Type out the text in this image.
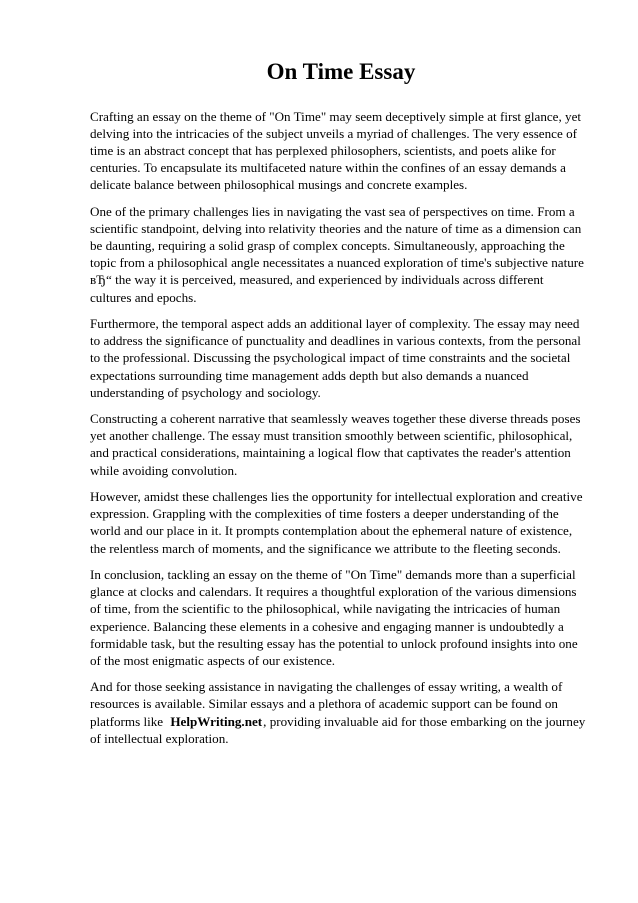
On Time Essay

Crafting an essay on the theme of "On Time" may seem deceptively simple at first glance, yet delving into the intricacies of the subject unveils a myriad of challenges. The very essence of time is an abstract concept that has perplexed philosophers, scientists, and poets alike for centuries. To encapsulate its multifaceted nature within the confines of an essay demands a delicate balance between philosophical musings and concrete examples.

One of the primary challenges lies in navigating the vast sea of perspectives on time. From a scientific standpoint, delving into relativity theories and the nature of time as a dimension can be daunting, requiring a solid grasp of complex concepts. Simultaneously, approaching the topic from a philosophical angle necessitates a nuanced exploration of time's subjective nature вЂ“ the way it is perceived, measured, and experienced by individuals across different cultures and epochs.

Furthermore, the temporal aspect adds an additional layer of complexity. The essay may need to address the significance of punctuality and deadlines in various contexts, from the personal to the professional. Discussing the psychological impact of time constraints and the societal expectations surrounding time management adds depth but also demands a nuanced understanding of psychology and sociology.

Constructing a coherent narrative that seamlessly weaves together these diverse threads poses yet another challenge. The essay must transition smoothly between scientific, philosophical, and practical considerations, maintaining a logical flow that captivates the reader's attention while avoiding convolution.

However, amidst these challenges lies the opportunity for intellectual exploration and creative expression. Grappling with the complexities of time fosters a deeper understanding of the world and our place in it. It prompts contemplation about the ephemeral nature of existence, the relentless march of moments, and the significance we attribute to the fleeting seconds.

In conclusion, tackling an essay on the theme of "On Time" demands more than a superficial glance at clocks and calendars. It requires a thoughtful exploration of the various dimensions of time, from the scientific to the philosophical, while navigating the intricacies of human experience. Balancing these elements in a cohesive and engaging manner is undoubtedly a formidable task, but the resulting essay has the potential to unlock profound insights into one of the most enigmatic aspects of our existence.

And for those seeking assistance in navigating the challenges of essay writing, a wealth of resources is available. Similar essays and a plethora of academic support can be found on platforms like HelpWriting.net, providing invaluable aid for those embarking on the journey of intellectual exploration.
